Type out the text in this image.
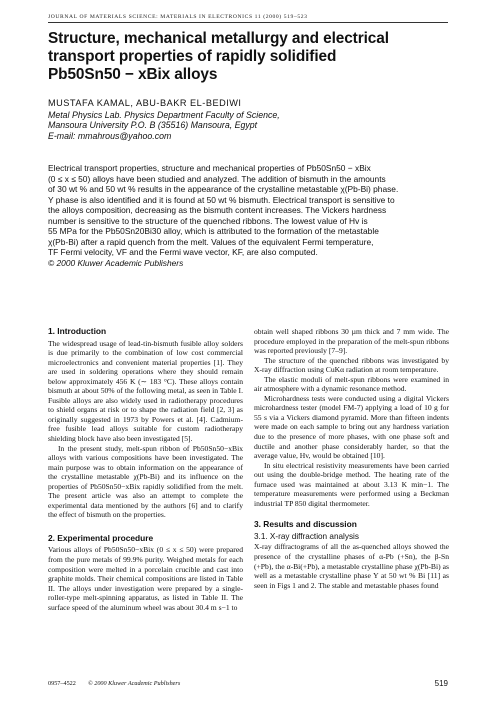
JOURNAL OF MATERIALS SCIENCE: MATERIALS IN ELECTRONICS 11 (2000) 519–523
Structure, mechanical metallurgy and electrical
transport properties of rapidly solidified
Pb50Sn50 − xBix alloys
MUSTAFA KAMAL, ABU-BAKR EL-BEDIWI
Metal Physics Lab. Physics Department Faculty of Science,
Mansoura University P.O. B (35516) Mansoura, Egypt
E-mail: mmahrous@yahoo.com

Electrical transport properties, structure and mechanical properties of Pb50Sn50 − xBix

(0 ≤ x ≤ 50) alloys have been studied and analyzed. The addition of bismuth in the amounts

of 30 wt % and 50 wt % results in the appearance of the crystalline metastable χ(Pb-Bi) phase.

Y phase is also identified and it is found at 50 wt % bismuth. Electrical transport is sensitive to

the alloys composition, decreasing as the bismuth content increases. The Vickers hardness

number is sensitive to the structure of the quenched ribbons. The lowest value of Hv is

55 MPa for the Pb50Sn20Bi30 alloy, which is attributed to the formation of the metastable

χ(Pb-Bi) after a rapid quench from the melt. Values of the equivalent Fermi temperature,

TF Fermi velocity, VF and the Fermi wave vector, KF, are also computed.

© 2000 Kluwer Academic Publishers

1. Introduction

The widespread usage of lead-tin-bismuth fusible alloy solders is due primarily to the combination of low cost commercial microelectronics and convenient material properties [1]. They are used in soldering operations where they should remain below approximately 456 K (∼ 183 °C). These alloys contain bismuth at about 50% of the following metal, as seen in Table I. Fusible alloys are also widely used in radiotherapy procedures to shield organs at risk or to shape the radiation field [2, 3] as originally suggested in 1973 by Powers et al. [4]. Cadmium-free fusible lead alloys suitable for custom radiotherapy shielding block have also been investigated [5].

In the present study, melt-spun ribbon of Pb50Sn50−xBix alloys with various compositions have been investigated. The main purpose was to obtain information on the appearance of the crystalline metastable χ(Pb-Bi) and its influence on the properties of Pb50Sn50−xBix rapidly solidified from the melt. The present article was also an attempt to complete the experimental data mentioned by the authors [6] and to clarify the effect of bismuth on the properties.

2. Experimental procedure

Various alloys of Pb50Sn50−xBix (0 ≤ x ≤ 50) were prepared from the pure metals of 99.9% purity. Weighed metals for each composition were melted in a porcelain crucible and cast into graphite molds. Their chemical compositions are listed in Table II. The alloys under investigation were prepared by a single-roller-type melt-spinning apparatus, as listed in Table II. The surface speed of the aluminum wheel was about 30.4 m s−1 to

obtain well shaped ribbons 30 µm thick and 7 mm wide. The procedure employed in the preparation of the melt-spun ribbons was reported previously [7–9].

The structure of the quenched ribbons was investigated by X-ray diffraction using CuKα radiation at room temperature.

The elastic moduli of melt-spun ribbons were examined in air atmosphere with a dynamic resonance method.

Microhardness tests were conducted using a digital Vickers microhardness tester (model FM-7) applying a load of 10 g for 55 s via a Vickers diamond pyramid. More than fifteen indents were made on each sample to bring out any hardness variation due to the presence of more phases, with one phase soft and ductile and another phase considerably harder, so that the average value, Hv, would be obtained [10].

In situ electrical resistivity measurements have been carried out using the double-bridge method. The heating rate of the furnace used was maintained at about 3.13 K min−1. The temperature measurements were performed using a Beckman industrial TP 850 digital thermometer.

3. Results and discussion
3.1. X-ray diffraction analysis

X-ray diffractograms of all the as-quenched alloys showed the presence of the crystalline phases of α-Pb (+Sn), the β-Sn (+Pb), the α-Bi(+Pb), a metastable crystalline phase χ(Pb-Bi) as well as a metastable crystalline phase Y at 50 wt % Bi [11] as seen in Figs 1 and 2. The stable and metastable phases found

0957–4522 © 2000 Kluwer Academic Publishers	519
